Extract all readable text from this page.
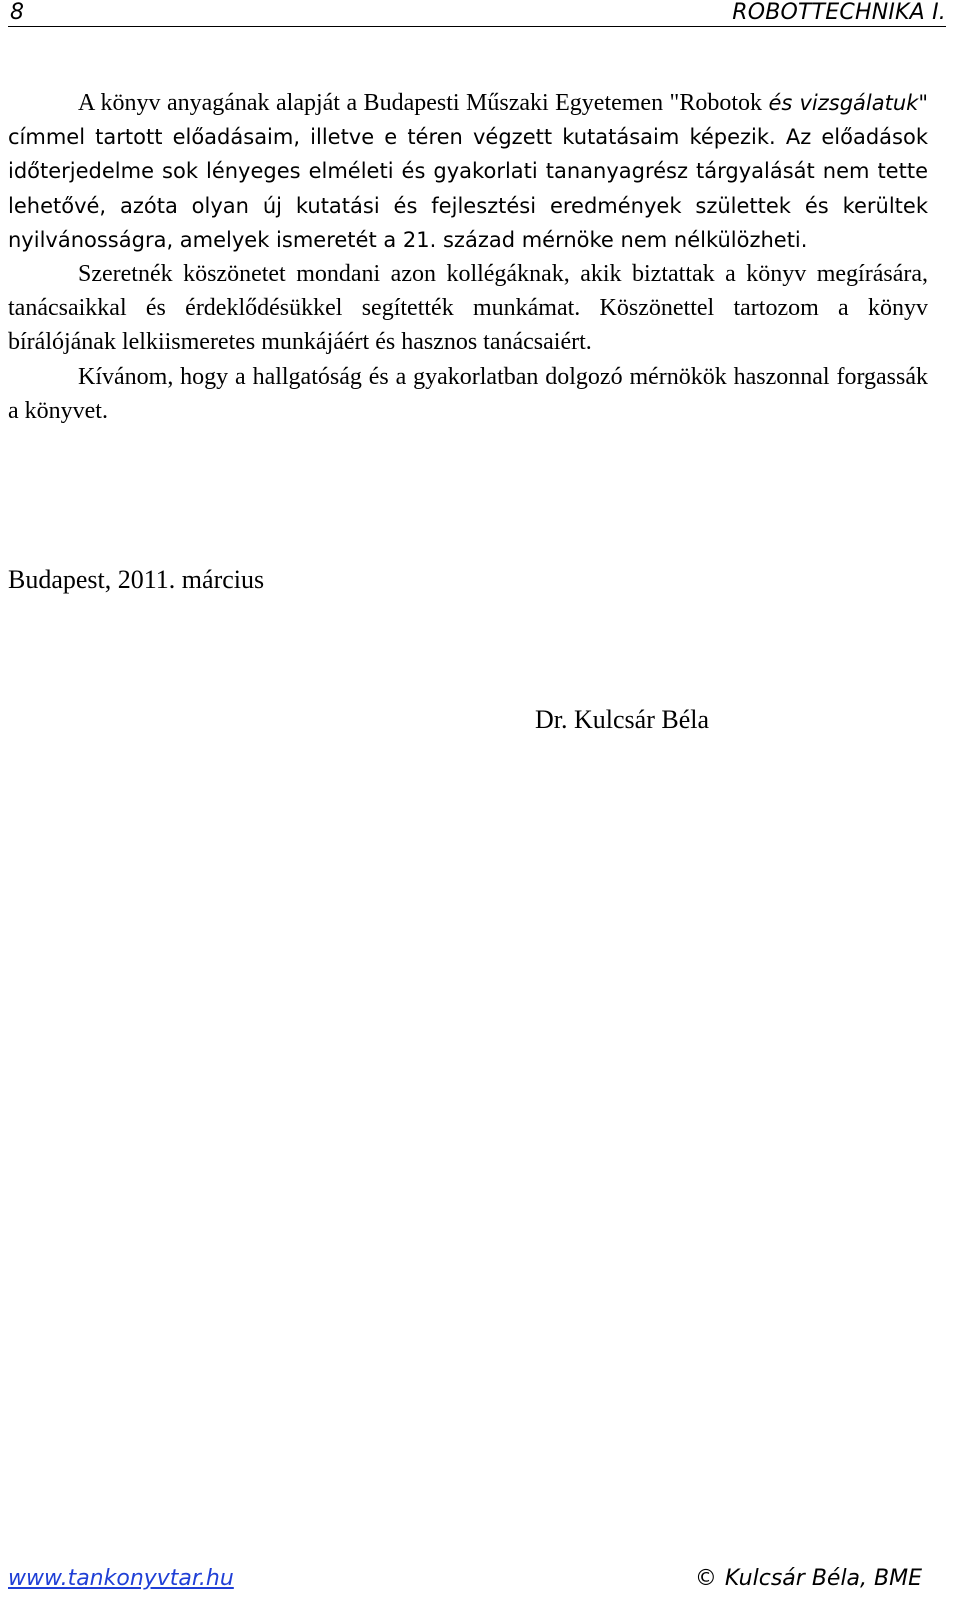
8	ROBOTTECHNIKA I.

A könyv anyagának alapját a Budapesti Műszaki Egyetemen "Robotok és vizsgálatuk" címmel tartott előadásaim, illetve e téren végzett kutatásaim képezik. Az előadások időterjedelme sok lényeges elméleti és gyakorlati tananyagrész tárgyalását nem tette lehetővé, azóta olyan új kutatási és fejlesztési eredmények születtek és kerültek nyilvánosságra, amelyek ismeretét a 21. század mérnöke nem nélkülözheti.

Szeretnék köszönetet mondani azon kollégáknak, akik biztattak a könyv megírására, tanácsaikkal és érdeklődésükkel segítették munkámat. Köszönettel tartozom a könyv bírálójának lelkiismeretes munkájáért és hasznos tanácsaiért.

Kívánom, hogy a hallgatóság és a gyakorlatban dolgozó mérnökök haszonnal forgassák a könyvet.

Budapest, 2011. március
Dr. Kulcsár Béla
www.tankonyvtar.hu	© Kulcsár Béla, BME
